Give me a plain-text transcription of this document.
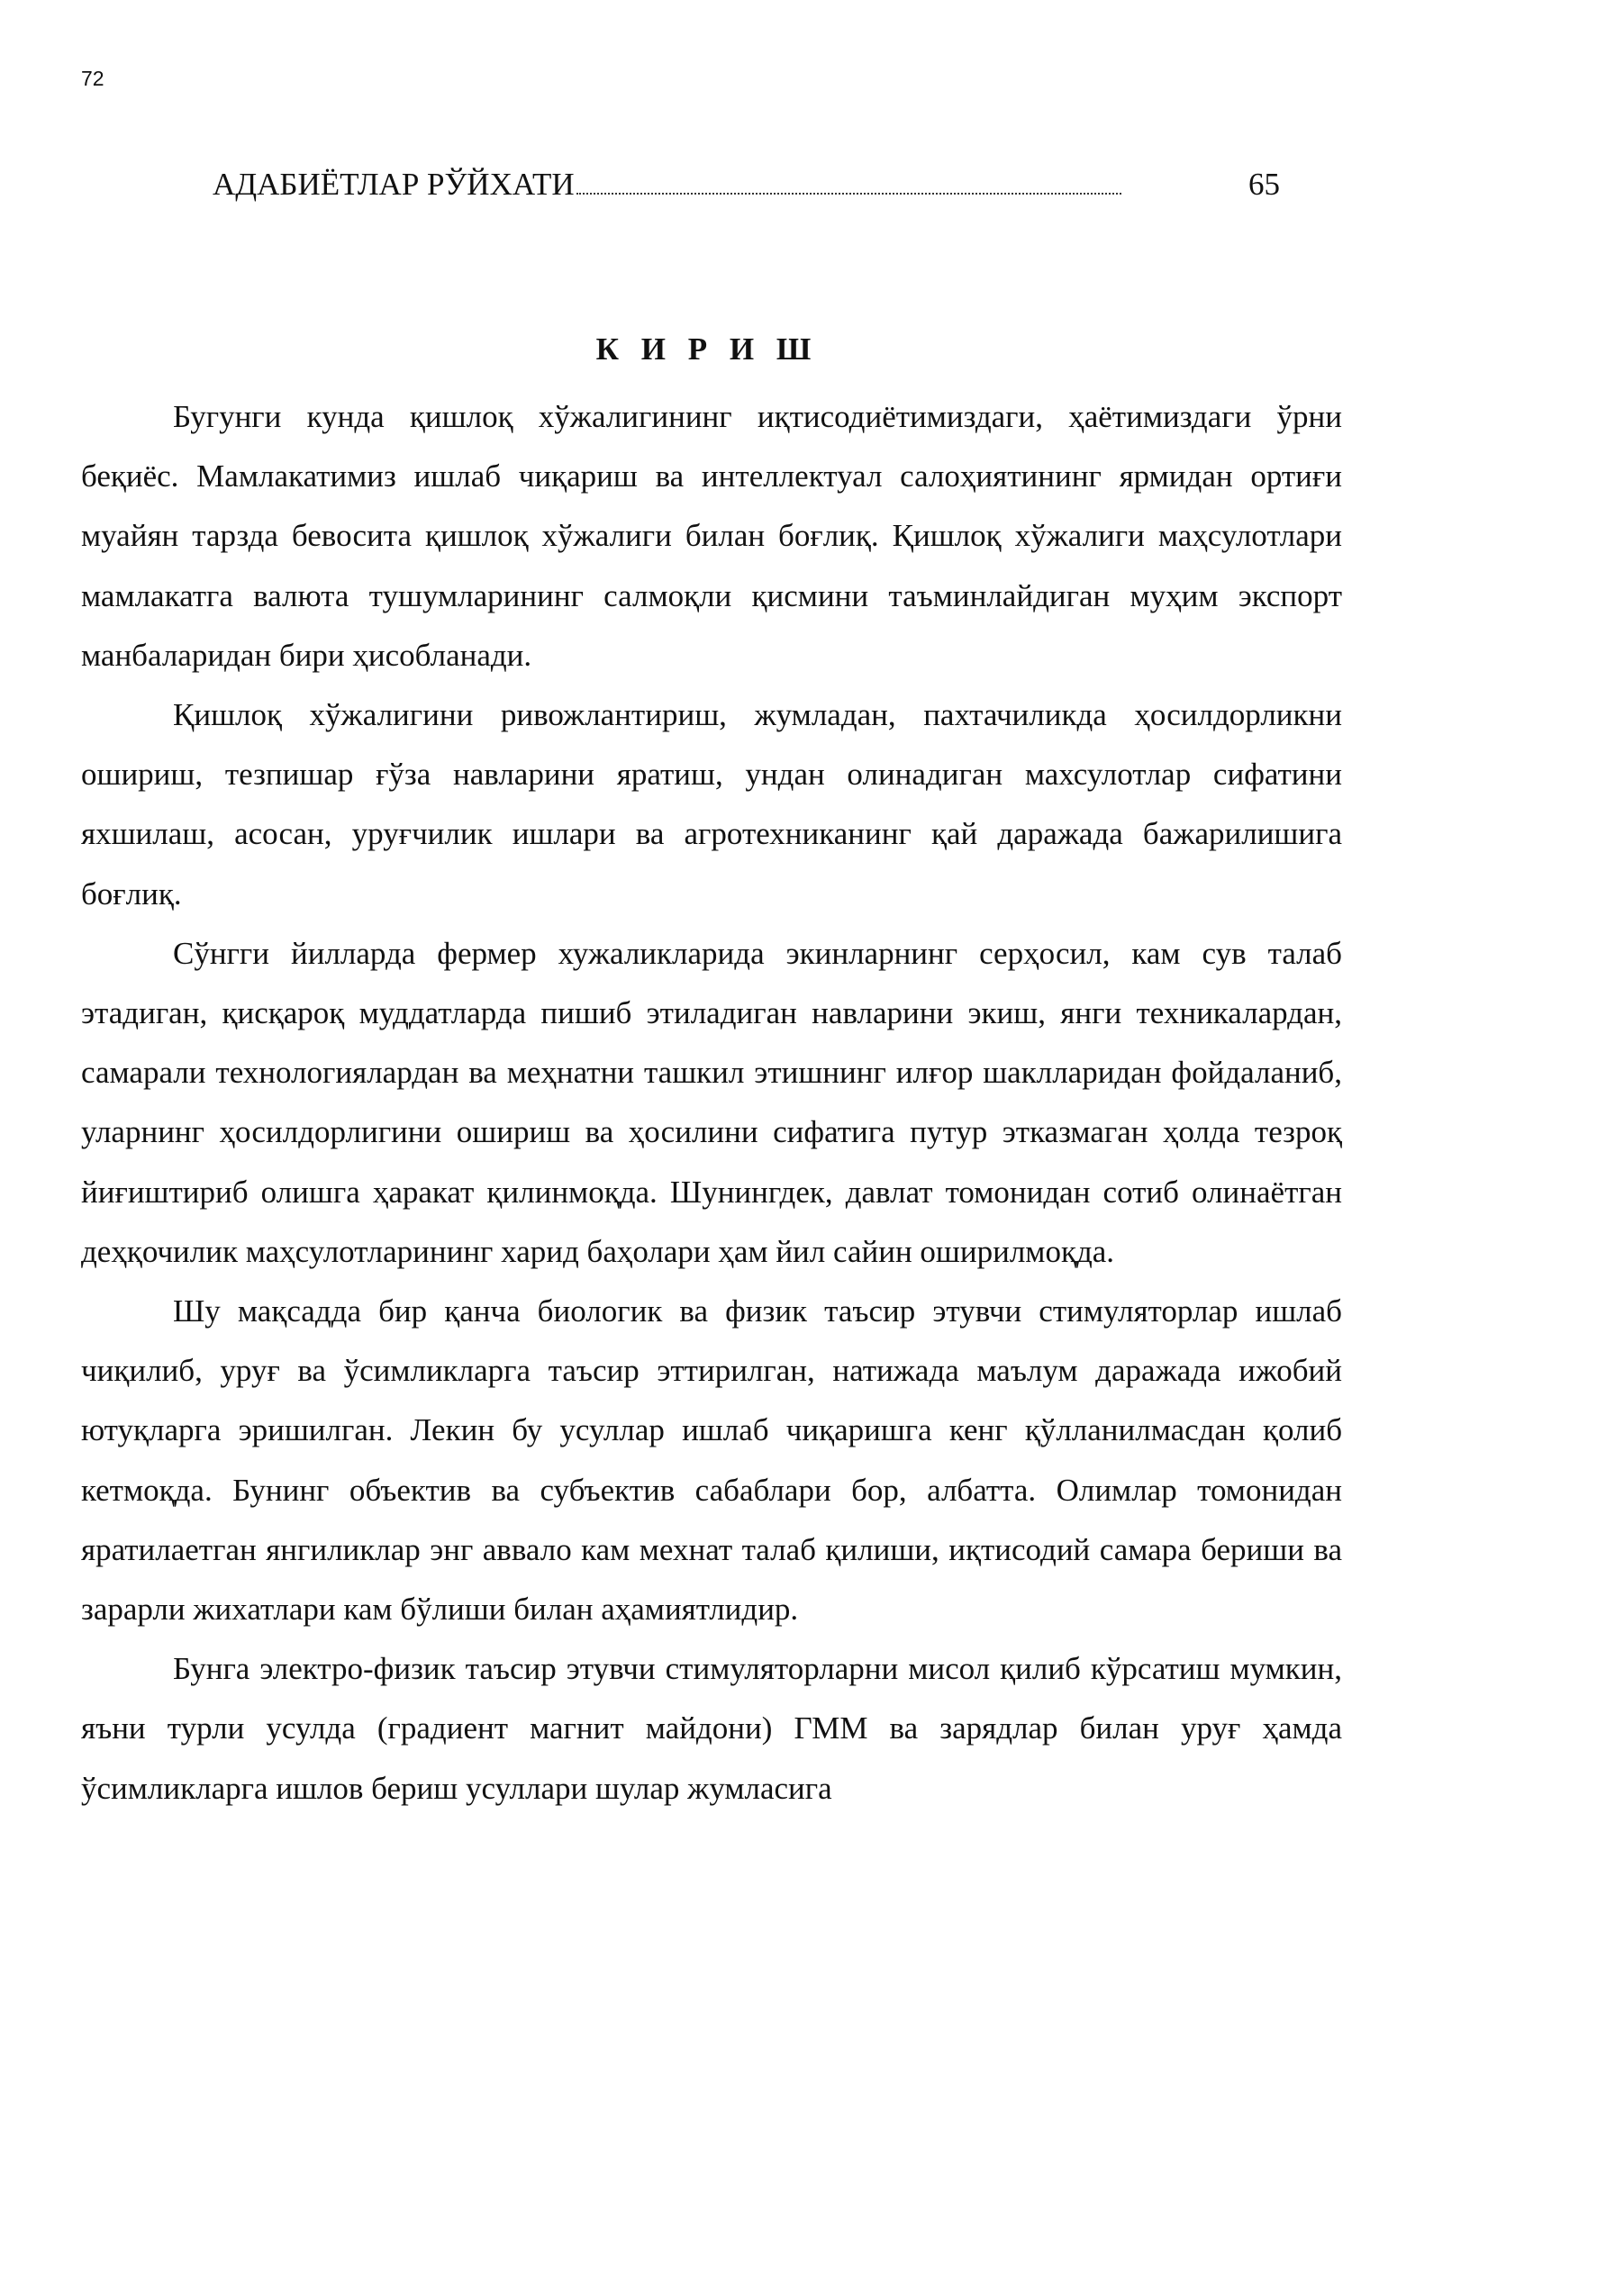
72
АДАБИЁТЛАР РЎЙХАТИ	65
К И Р И Ш

Бугунги кунда қишлоқ хўжалигининг иқтисодиётимиздаги, ҳаётимиздаги ўрни беқиёс. Мамлакатимиз ишлаб чиқариш ва интеллектуал салоҳиятининг ярмидан ортиғи муайян тарзда бевосита қишлоқ хўжалиги билан боғлиқ. Қишлоқ хўжалиги маҳсулотлари мамлакатга валюта тушумларининг салмоқли қисмини таъминлайдиган муҳим экспорт манбаларидан бири ҳисобланади.

Қишлоқ хўжалигини ривожлантириш, жумладан, пахтачиликда ҳосилдорликни ошириш, тезпишар ғўза навларини яратиш, ундан олинадиган махсулотлар сифатини яхшилаш, асосан, уруғчилик ишлари ва агротехниканинг қай даражада бажарилишига боғлиқ.

Сўнгги йилларда фермер хужаликларида экинларнинг серҳосил, кам сув талаб этадиган, қисқароқ муддатларда пишиб этиладиган навларини экиш, янги техникалардан, самарали технологиялардан ва меҳнатни ташкил этишнинг илғор шаклларидан фойдаланиб, уларнинг ҳосилдорлигини ошириш ва ҳосилини сифатига путур этказмаган ҳолда тезроқ йиғиштириб олишга ҳаракат қилинмоқда. Шунингдек, давлат томонидан сотиб олинаётган деҳқочилик маҳсулотларининг харид баҳолари ҳам йил сайин оширилмоқда.

Шу мақсадда бир қанча биологик ва физик таъсир этувчи стимуляторлар ишлаб чиқилиб, уруғ ва ўсимликларга таъсир эттирилган, натижада маълум даражада ижобий ютуқларга эришилган. Лекин бу усуллар ишлаб чиқаришга кенг қўлланилмасдан қолиб кетмоқда. Бунинг объектив ва субъектив сабаблари бор, албатта. Олимлар томонидан яратилаетган янгиликлар энг аввало кам мехнат талаб қилиши, иқтисодий самара бериши ва зарарли жихатлари кам бўлиши билан аҳамиятлидир.

Бунга электро-физик таъсир этувчи стимуляторларни мисол қилиб кўрсатиш мумкин, яъни турли усулда (градиент магнит майдони) ГММ ва зарядлар билан уруғ ҳамда ўсимликларга ишлов бериш усуллари шулар жумласига
